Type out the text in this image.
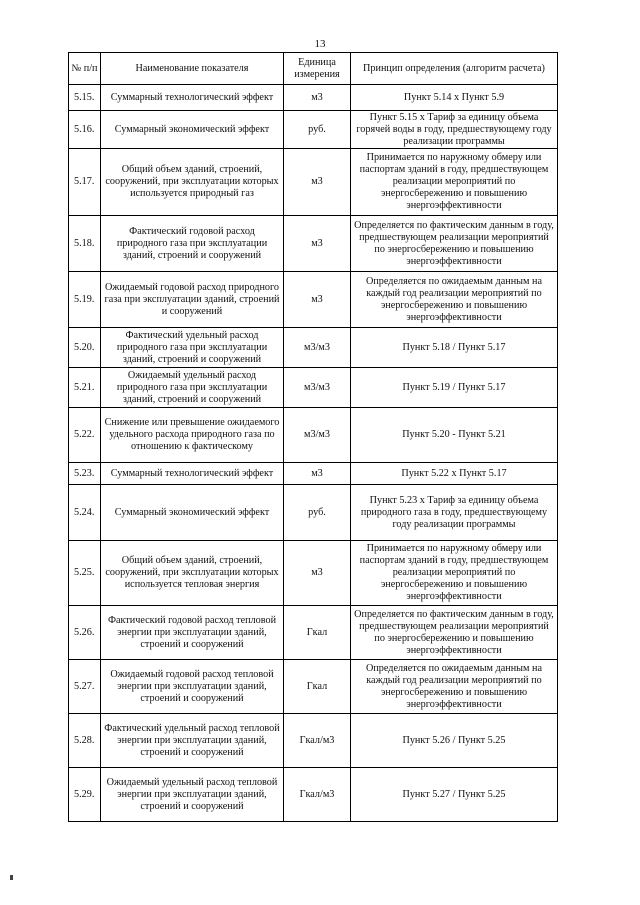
13
№ п/п	Наименование показателя	Единица измерения	Принцип определения (алгоритм расчета)
5.15.	Суммарный технологический эффект	м3	Пункт 5.14 х Пункт 5.9
5.16.	Суммарный экономический эффект	руб.	Пункт 5.15 х Тариф за единицу объема горячей воды в году, предшествующему году реализации программы
5.17.	Общий объем зданий, строений, сооружений, при эксплуатации которых используется природный газ	м3	Принимается по наружному обмеру или паспортам зданий в году, предшествующем реализации мероприятий по энергосбережению и повышению энергоэффективности
5.18.	Фактический годовой расход природного газа при эксплуатации зданий, строений и сооружений	м3	Определяется по фактическим данным в году, предшествующем реализации мероприятий по энергосбережению и повышению энергоэффективности
5.19.	Ожидаемый годовой расход природного газа при эксплуатации зданий, строений и сооружений	м3	Определяется по ожидаемым данным на каждый год реализации мероприятий по энергосбережению и повышению энергоэффективности
5.20.	Фактический удельный расход природного газа при эксплуатации зданий, строений и сооружений	м3/м3	Пункт 5.18 / Пункт 5.17
5.21.	Ожидаемый удельный расход природного газа при эксплуатации зданий, строений и сооружений	м3/м3	Пункт 5.19 / Пункт 5.17
5.22.	Снижение или превышение ожидаемого удельного расхода природного газа по отношению к фактическому	м3/м3	Пункт 5.20 - Пункт 5.21
5.23.	Суммарный технологический эффект	м3	Пункт 5.22 х Пункт 5.17
5.24.	Суммарный экономический эффект	руб.	Пункт 5.23 х Тариф за единицу объема природного газа в году, предшествующему году реализации программы
5.25.	Общий объем зданий, строений, сооружений, при эксплуатации которых используется тепловая энергия	м3	Принимается по наружному обмеру или паспортам зданий в году, предшествующем реализации мероприятий по энергосбережению и повышению энергоэффективности
5.26.	Фактический годовой расход тепловой энергии при эксплуатации зданий, строений и сооружений	Гкал	Определяется по фактическим данным в году, предшествующем реализации мероприятий по энергосбережению и повышению энергоэффективности
5.27.	Ожидаемый годовой расход тепловой энергии при эксплуатации зданий, строений и сооружений	Гкал	Определяется по ожидаемым данным на каждый год реализации мероприятий по энергосбережению и повышению энергоэффективности
5.28.	Фактический удельный расход тепловой энергии при эксплуатации зданий, строений и сооружений	Гкал/м3	Пункт 5.26 / Пункт 5.25
5.29.	Ожидаемый удельный расход тепловой энергии при эксплуатации зданий, строений и сооружений	Гкал/м3	Пункт 5.27 / Пункт 5.25
